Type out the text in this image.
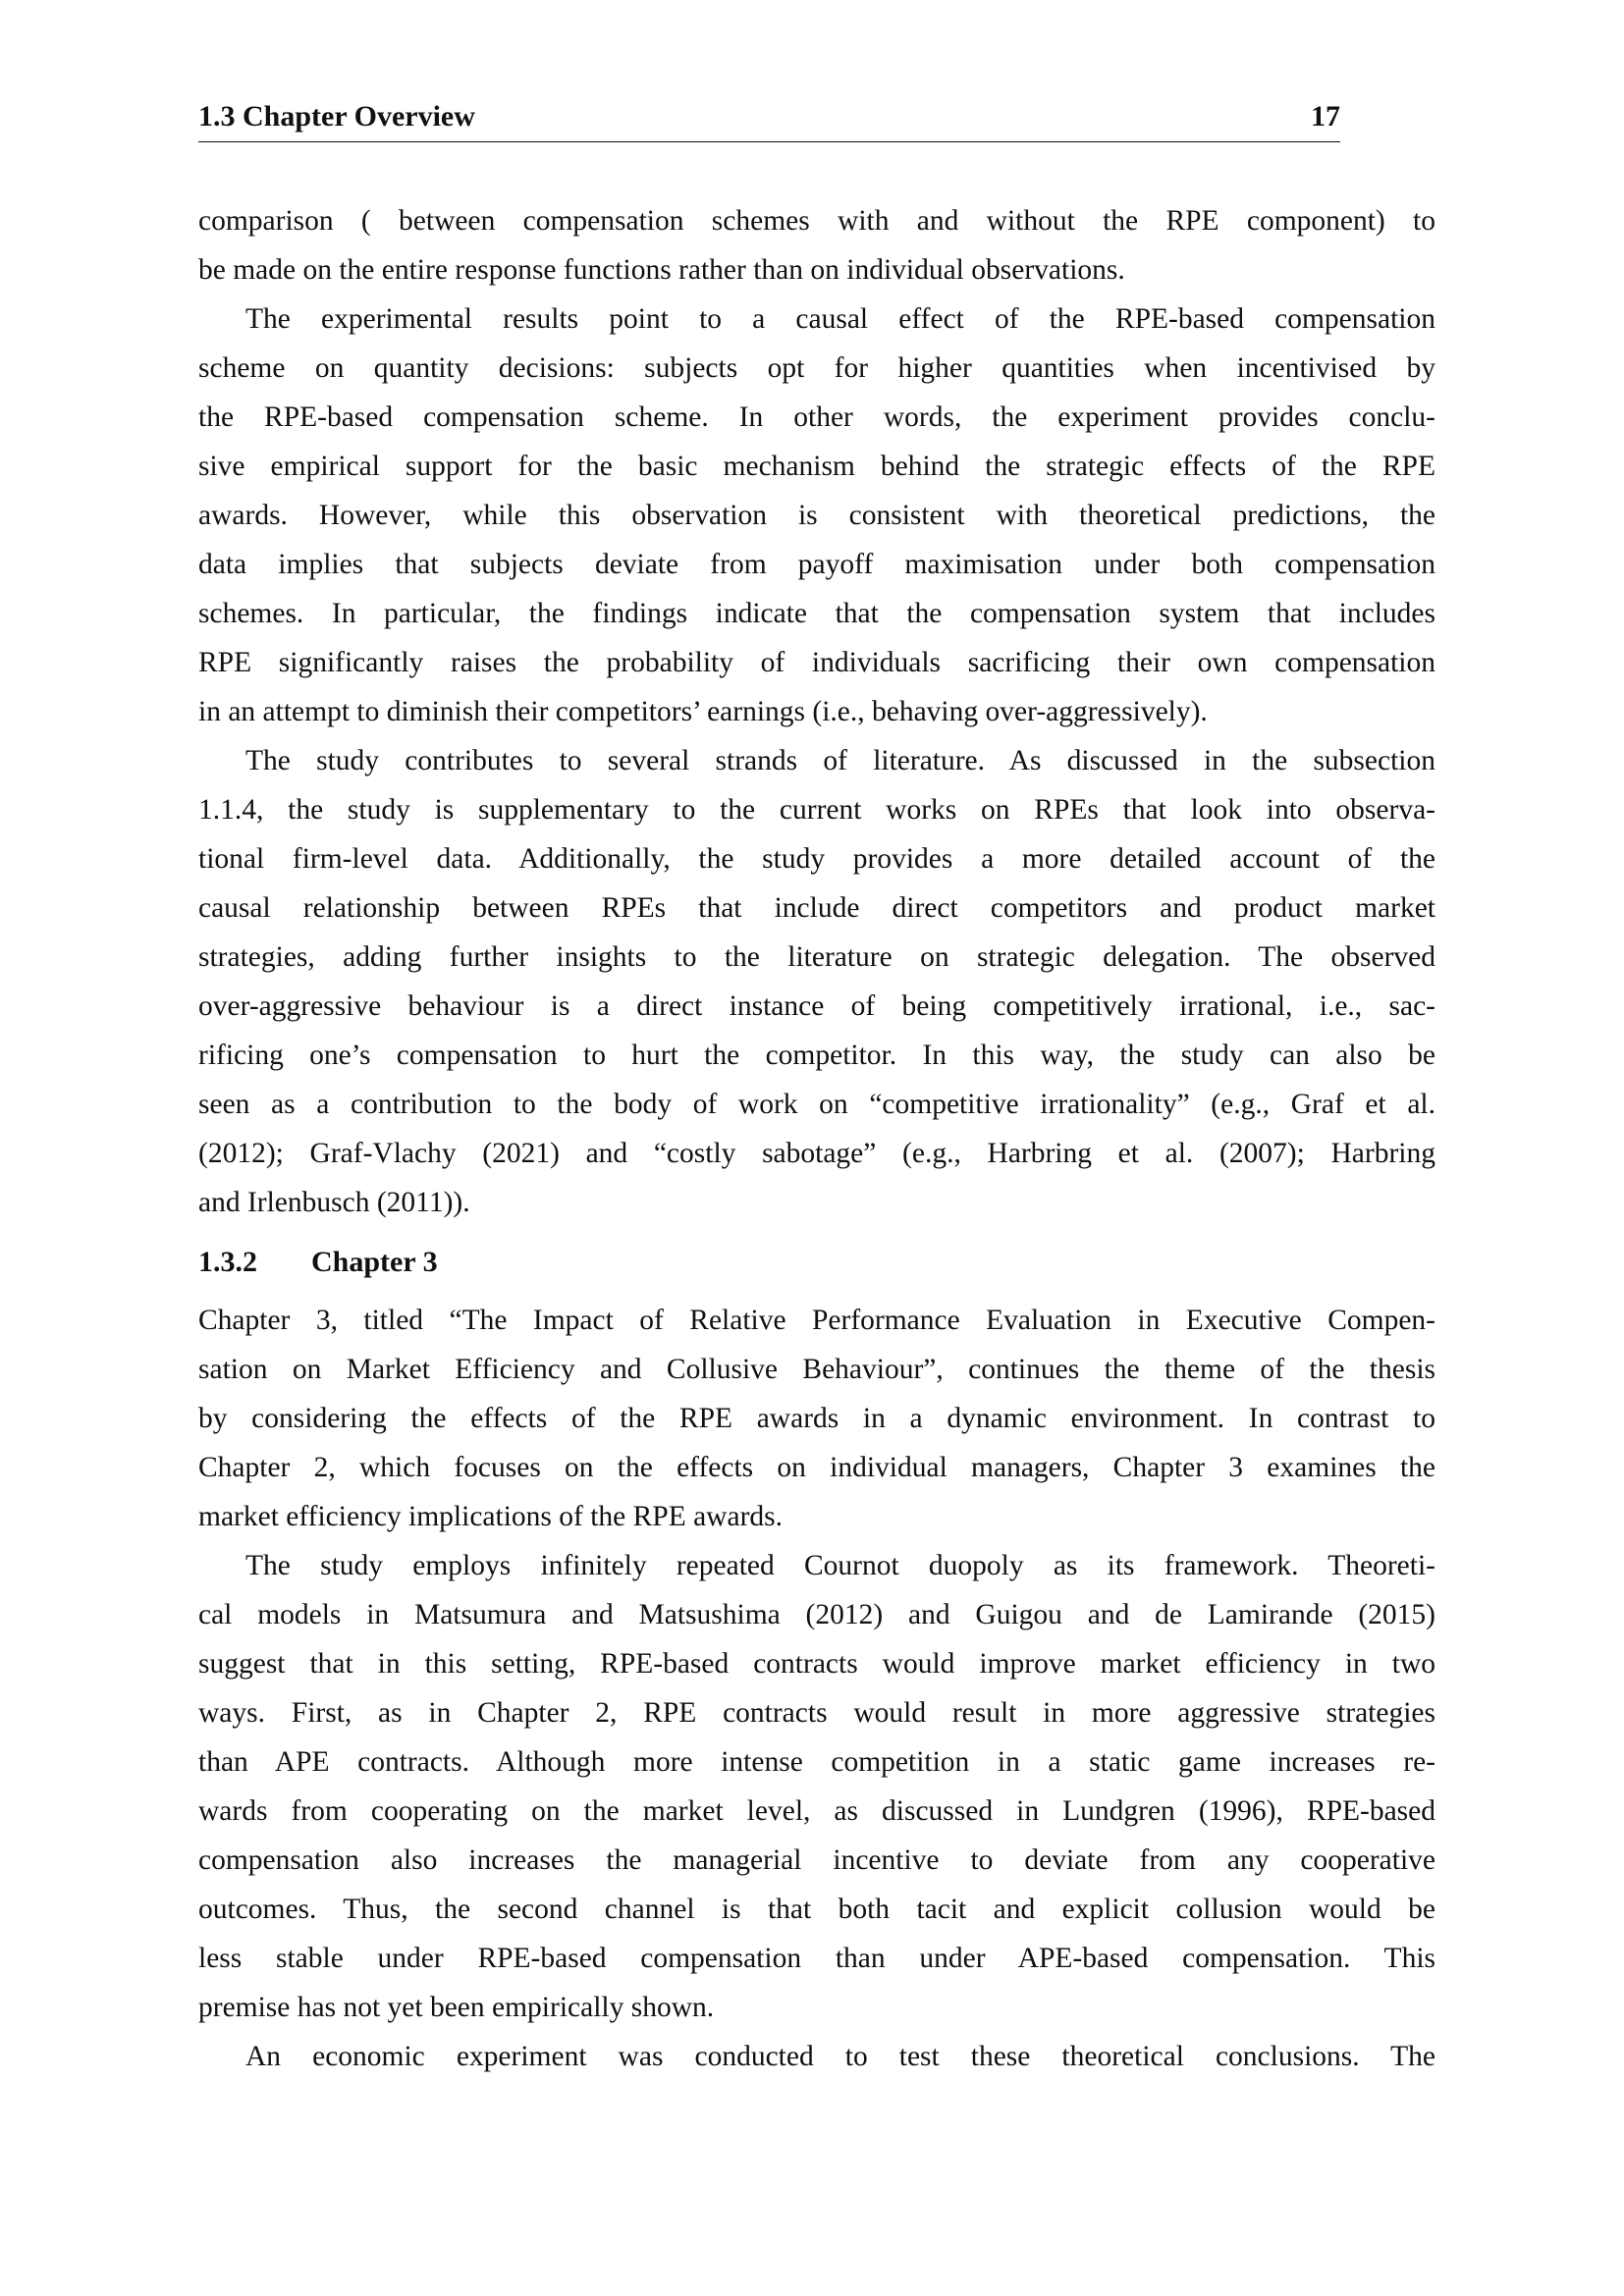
1.3 Chapter Overview	17
comparison ( between compensation schemes with and without the RPE component) to
be made on the entire response functions rather than on individual observations.
The experimental results point to a causal effect of the RPE-based compensation
scheme on quantity decisions: subjects opt for higher quantities when incentivised by
the RPE-based compensation scheme. In other words, the experiment provides conclu-
sive empirical support for the basic mechanism behind the strategic effects of the RPE
awards. However, while this observation is consistent with theoretical predictions, the
data implies that subjects deviate from payoff maximisation under both compensation
schemes. In particular, the findings indicate that the compensation system that includes
RPE significantly raises the probability of individuals sacrificing their own compensation
in an attempt to diminish their competitors’ earnings (i.e., behaving over-aggressively).
The study contributes to several strands of literature. As discussed in the subsection
1.1.4, the study is supplementary to the current works on RPEs that look into observa-
tional firm-level data. Additionally, the study provides a more detailed account of the
causal relationship between RPEs that include direct competitors and product market
strategies, adding further insights to the literature on strategic delegation. The observed
over-aggressive behaviour is a direct instance of being competitively irrational, i.e., sac-
rificing one’s compensation to hurt the competitor. In this way, the study can also be
seen as a contribution to the body of work on “competitive irrationality” (e.g., Graf et al.
(2012); Graf-Vlachy (2021) and “costly sabotage” (e.g., Harbring et al. (2007); Harbring
and Irlenbusch (2011)).
1.3.2 Chapter 3
Chapter 3, titled “The Impact of Relative Performance Evaluation in Executive Compen-
sation on Market Efficiency and Collusive Behaviour”, continues the theme of the thesis
by considering the effects of the RPE awards in a dynamic environment. In contrast to
Chapter 2, which focuses on the effects on individual managers, Chapter 3 examines the
market efficiency implications of the RPE awards.
The study employs infinitely repeated Cournot duopoly as its framework. Theoreti-
cal models in Matsumura and Matsushima (2012) and Guigou and de Lamirande (2015)
suggest that in this setting, RPE-based contracts would improve market efficiency in two
ways. First, as in Chapter 2, RPE contracts would result in more aggressive strategies
than APE contracts. Although more intense competition in a static game increases re-
wards from cooperating on the market level, as discussed in Lundgren (1996), RPE-based
compensation also increases the managerial incentive to deviate from any cooperative
outcomes. Thus, the second channel is that both tacit and explicit collusion would be
less stable under RPE-based compensation than under APE-based compensation. This
premise has not yet been empirically shown.
An economic experiment was conducted to test these theoretical conclusions. The
